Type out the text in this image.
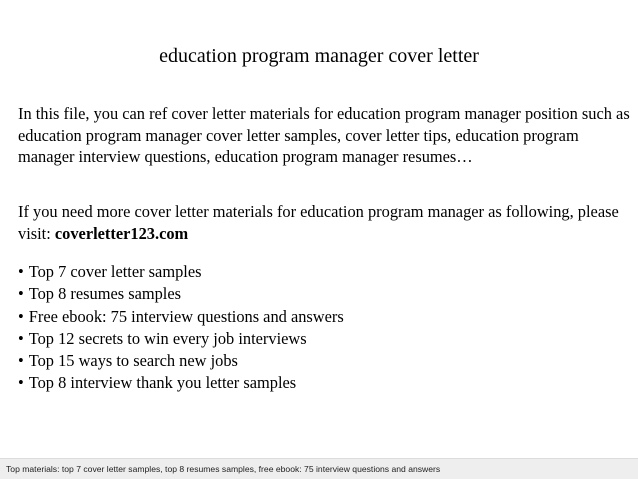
education program manager cover letter

In this file, you can ref cover letter materials for education program manager position such as education program manager cover letter samples, cover letter tips, education program manager interview questions, education program manager resumes…

If you need more cover letter materials for education program manager as following, please visit: coverletter123.com

• Top 7 cover letter samples
• Top 8 resumes samples
• Free ebook: 75 interview questions and answers
• Top 12 secrets to win every job interviews
• Top 15 ways to search new jobs
• Top 8 interview thank you letter samples
Top materials: top 7 cover letter samples, top 8 resumes samples, free ebook: 75 interview questions and answers
